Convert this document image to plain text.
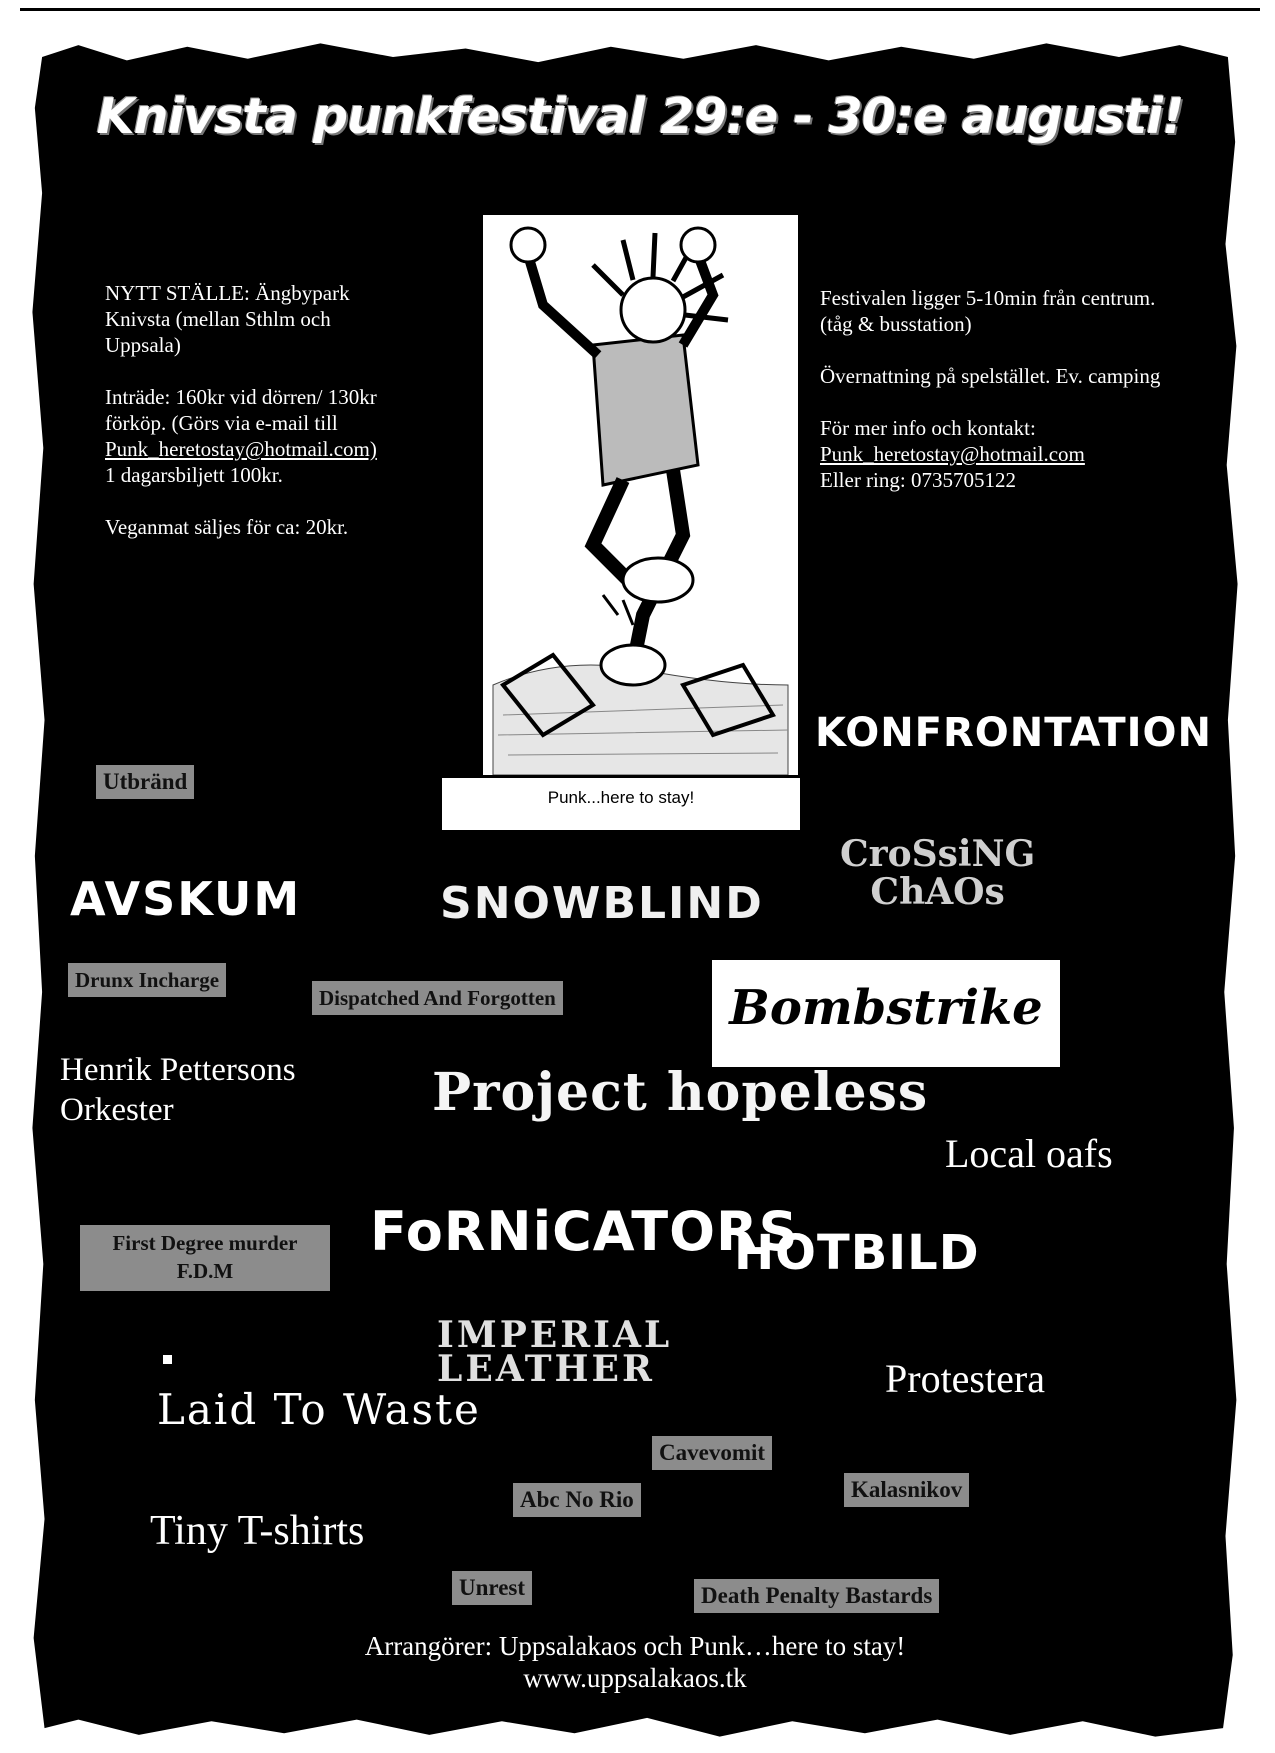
Knivsta punkfestival 29:e - 30:e augusti!

NYTT STÄLLE: Ängbypark
Knivsta (mellan Sthlm och
Uppsala)

Inträde: 160kr vid dörren/ 130kr
förköp. (Görs via e-mail till
Punk_heretostay@hotmail.com)
1 dagarsbiljett 100kr.

Veganmat säljes för ca: 20kr.

Festivalen ligger 5-10min från centrum.
(tåg & busstation)

Övernattning på spelstället. Ev. camping

För mer info och kontakt:
Punk_heretostay@hotmail.com
Eller ring: 0735705122

Punk...here to stay!
KONFRONTATION
Utbränd
AVSKUM	SNOWBLIND
CroSsiNG
ChAOs
Drunx Incharge
Dispatched And Forgotten	Bombstrike
Henrik Pettersons
Orkester	Project hopeless
Local oafs
First Degree murder
F.D.M
FoRNiCATORS
HOTBILD
IMPERIAL
LEATHER
Laid To Waste
Protestera
Cavevomit
Abc No Rio	Kalasnikov
Tiny T-shirts
Unrest	Death Penalty Bastards
Arrangörer: Uppsalakaos och Punk…here to stay!
www.uppsalakaos.tk
